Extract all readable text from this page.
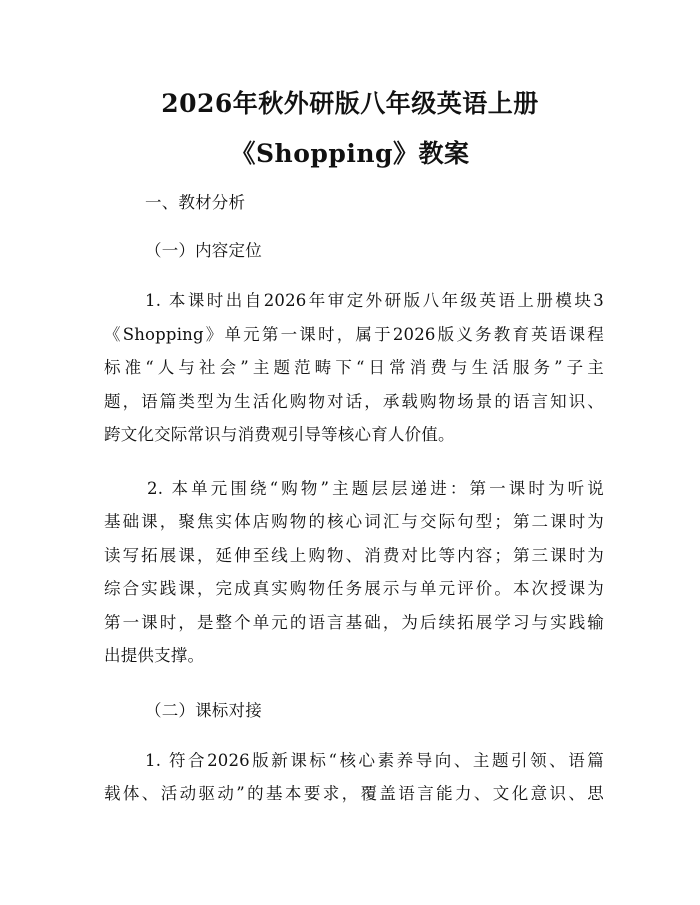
2026年秋外研版八年级英语上册
《Shopping》教案
一、教材分析
（一）内容定位
1. 本课时出自2026年审定外研版八年级英语上册模块3
《Shopping》单元第一课时，属于2026版义务教育英语课程
标准“人与社会”主题范畴下“日常消费与生活服务”子主
题，语篇类型为生活化购物对话，承载购物场景的语言知识、
跨文化交际常识与消费观引导等核心育人价值。
2. 本单元围绕“购物”主题层层递进：第一课时为听说
基础课，聚焦实体店购物的核心词汇与交际句型；第二课时为
读写拓展课，延伸至线上购物、消费对比等内容；第三课时为
综合实践课，完成真实购物任务展示与单元评价。本次授课为
第一课时，是整个单元的语言基础，为后续拓展学习与实践输
出提供支撑。
（二）课标对接
1. 符合2026版新课标“核心素养导向、主题引领、语篇
载体、活动驱动”的基本要求，覆盖语言能力、文化意识、思
